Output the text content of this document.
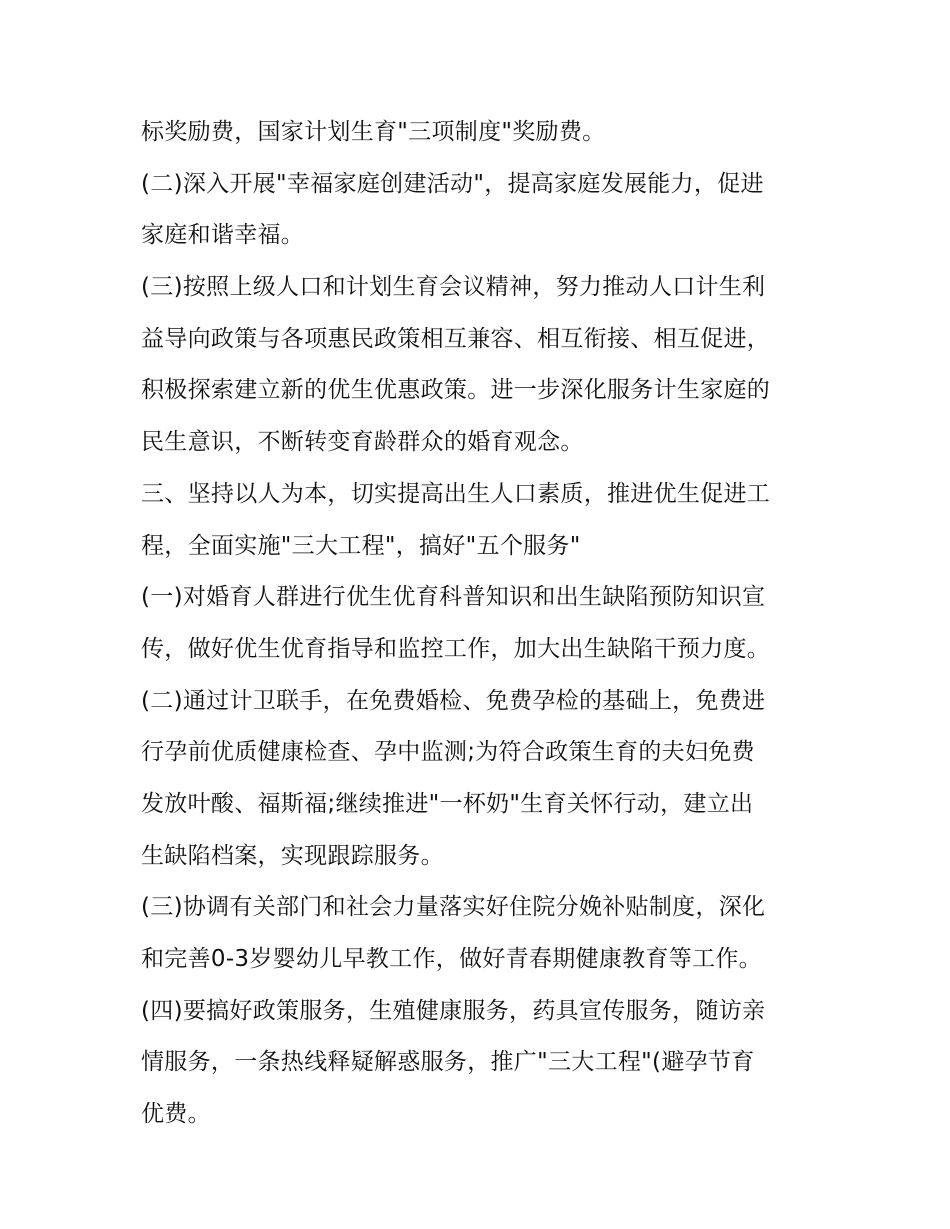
标奖励费，国家计划生育"三项制度"奖励费。
(二)深入开展"幸福家庭创建活动"，提高家庭发展能力，促进
家庭和谐幸福。
(三)按照上级人口和计划生育会议精神，努力推动人口计生利
益导向政策与各项惠民政策相互兼容、相互衔接、相互促进，
积极探索建立新的优生优惠政策。进一步深化服务计生家庭的
民生意识，不断转变育龄群众的婚育观念。
三、坚持以人为本，切实提高出生人口素质，推进优生促进工
程，全面实施"三大工程"，搞好"五个服务"
(一)对婚育人群进行优生优育科普知识和出生缺陷预防知识宣
传，做好优生优育指导和监控工作，加大出生缺陷干预力度。
(二)通过计卫联手，在免费婚检、免费孕检的基础上，免费进
行孕前优质健康检查、孕中监测;为符合政策生育的夫妇免费
发放叶酸、福斯福;继续推进"一杯奶"生育关怀行动，建立出
生缺陷档案，实现跟踪服务。
(三)协调有关部门和社会力量落实好住院分娩补贴制度，深化
和完善0-3岁婴幼儿早教工作，做好青春期健康教育等工作。
(四)要搞好政策服务，生殖健康服务，药具宣传服务，随访亲
情服务，一条热线释疑解惑服务，推广"三大工程"(避孕节育
优费。
